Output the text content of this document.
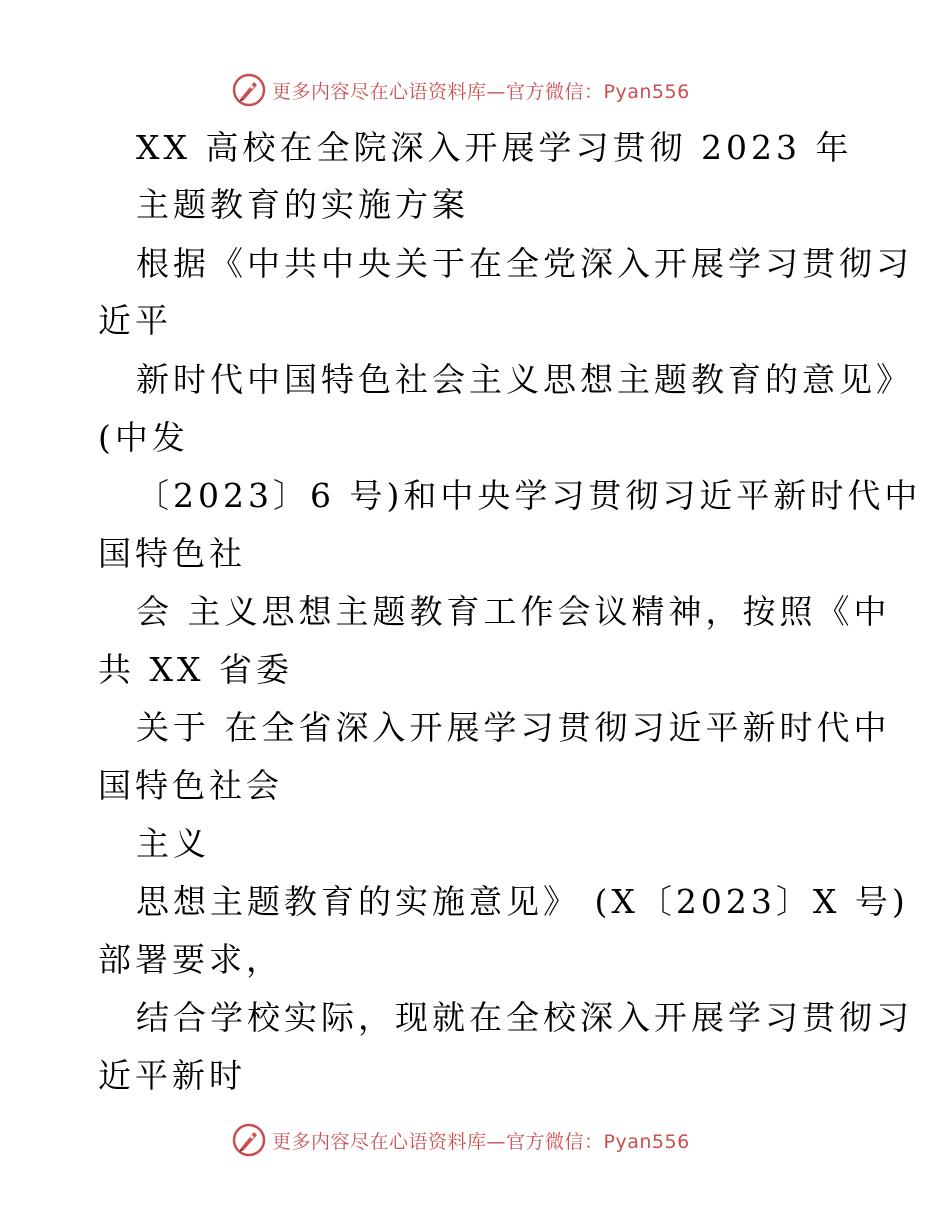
更多内容尽在心语资料库—官方微信：Pyan556
XX 高校在全院深入开展学习贯彻 2023 年
主题教育的实施方案
根据《中共中央关于在全党深入开展学习贯彻习
近平
新时代中国特色社会主义思想主题教育的意见》
(中发
〔2023〕6 号)和中央学习贯彻习近平新时代中
国特色社
会 主义思想主题教育工作会议精神，按照《中
共 XX 省委
关于 在全省深入开展学习贯彻习近平新时代中
国特色社会
主义
思想主题教育的实施意见》 (X〔2023〕X 号)
部署要求，
结合学校实际，现就在全校深入开展学习贯彻习
近平新时
更多内容尽在心语资料库—官方微信：Pyan556
